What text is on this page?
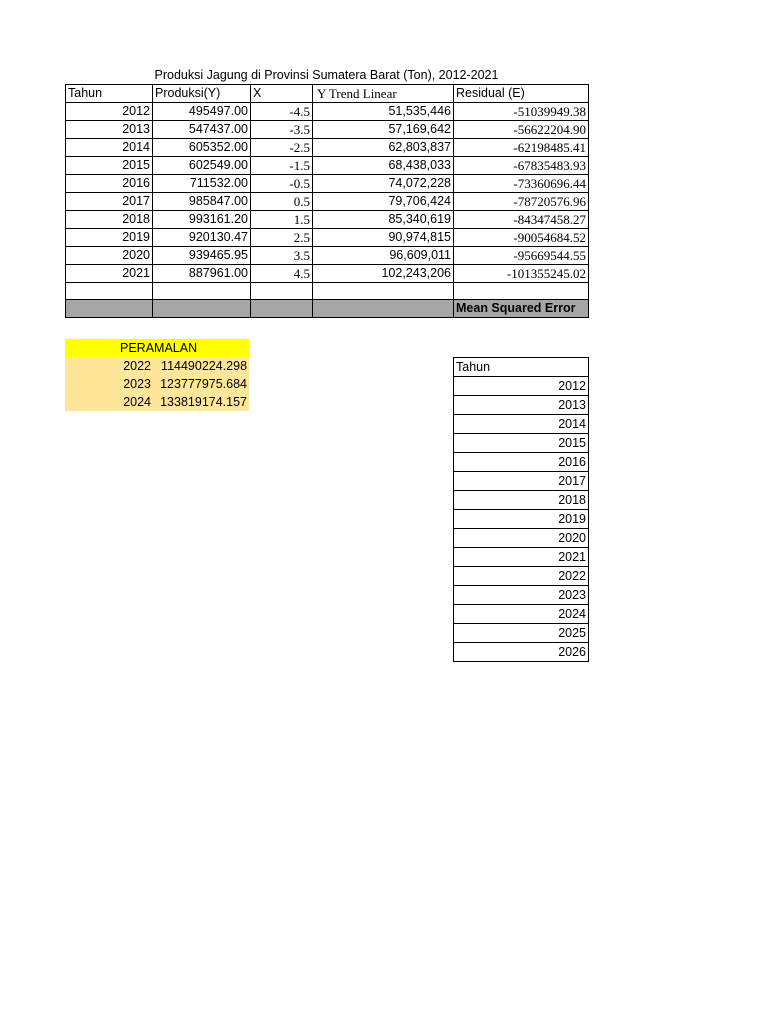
Produksi Jagung di Provinsi Sumatera Barat (Ton), 2012-2021
Tahun	Produksi(Y)	X	Y Trend Linear	Residual (E)
2012	495497.00	-4.5	51,535,446	-51039949.38
2013	547437.00	-3.5	57,169,642	-56622204.90
2014	605352.00	-2.5	62,803,837	-62198485.41
2015	602549.00	-1.5	68,438,033	-67835483.93
2016	711532.00	-0.5	74,072,228	-73360696.44
2017	985847.00	0.5	79,706,424	-78720576.96
2018	993161.20	1.5	85,340,619	-84347458.27
2019	920130.47	2.5	90,974,815	-90054684.52
2020	939465.95	3.5	96,609,011	-95669544.55
2021	887961.00	4.5	102,243,206	-101355245.02

				Mean Squared Error
PERAMALAN	
2022	114490224.298
2023	123777975.684
2024	133819174.157
Tahun
2012
2013
2014
2015
2016
2017
2018
2019
2020
2021
2022
2023
2024
2025
2026
